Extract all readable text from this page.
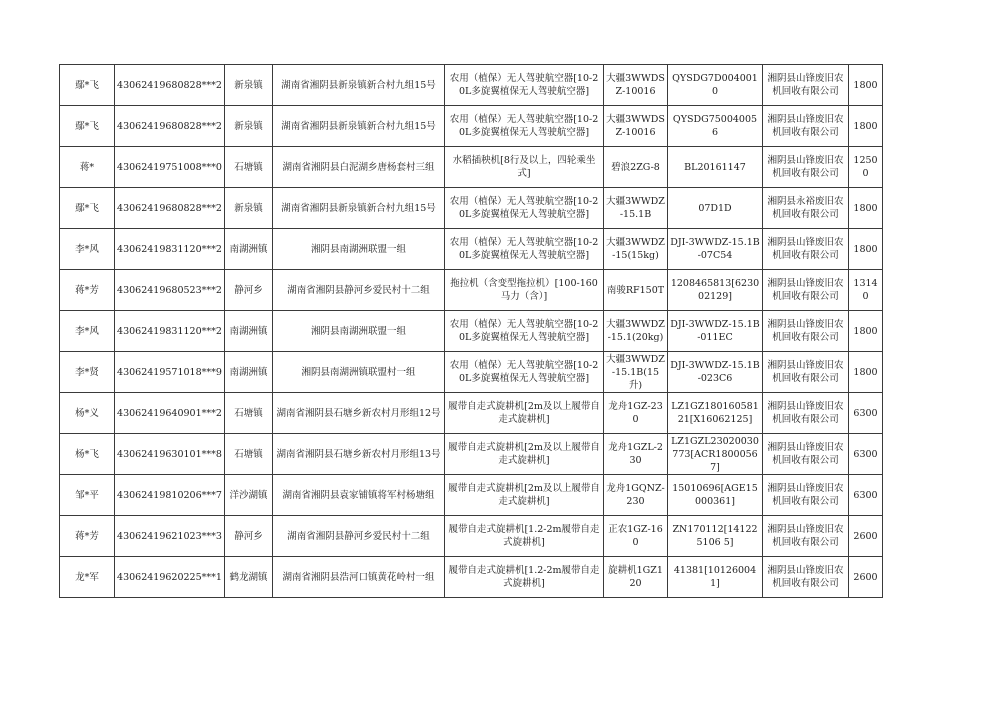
鄢*飞	43062419680828***2	新泉镇	湖南省湘阴县新泉镇新合村九组15号	农用（植保）无人驾驶航空器[10-20L多旋翼植保无人驾驶航空器]	大疆3WWDSZ-10016	QYSDG7D0040010	湘阴县山锋废旧农机回收有限公司	1800
鄢*飞	43062419680828***2	新泉镇	湖南省湘阴县新泉镇新合村九组15号	农用（植保）无人驾驶航空器[10-20L多旋翼植保无人驾驶航空器]	大疆3WWDSZ-10016	QYSDG750040056	湘阴县山锋废旧农机回收有限公司	1800
蒋*	43062419751008***0	石塘镇	湖南省湘阴县白泥湖乡唐杨套村三组	水稻插秧机[8行及以上，四轮乘坐式]	碧浪2ZG-8	BL20161147	湘阴县山锋废旧农机回收有限公司	12500
鄢*飞	43062419680828***2	新泉镇	湖南省湘阴县新泉镇新合村九组15号	农用（植保）无人驾驶航空器[10-20L多旋翼植保无人驾驶航空器]	大疆3WWDZ-15.1B	07D1D	湘阴县永裕废旧农机回收有限公司	1800
李*风	43062419831120***2	南湖洲镇	湘阴县南湖洲联盟一组	农用（植保）无人驾驶航空器[10-20L多旋翼植保无人驾驶航空器]	大疆3WWDZ-15(15kg)	DJI-3WWDZ-15.1B-07C54	湘阴县山锋废旧农机回收有限公司	1800
蒋*芳	43062419680523***2	静河乡	湖南省湘阴县静河乡爱民村十二组	拖拉机（含变型拖拉机）[100-160马力（含）]	南骏RF150T	1208465813[623002129]	湘阴县山锋废旧农机回收有限公司	13140
李*风	43062419831120***2	南湖洲镇	湘阴县南湖洲联盟一组	农用（植保）无人驾驶航空器[10-20L多旋翼植保无人驾驶航空器]	大疆3WWDZ-15.1(20kg)	DJI-3WWDZ-15.1B-011EC	湘阴县山锋废旧农机回收有限公司	1800
李*贤	43062419571018***9	南湖洲镇	湘阴县南湖洲镇联盟村一组	农用（植保）无人驾驶航空器[10-20L多旋翼植保无人驾驶航空器]	大疆3WWDZ-15.1B(15升)	DJI-3WWDZ-15.1B-023C6	湘阴县山锋废旧农机回收有限公司	1800
杨*义	43062419640901***2	石塘镇	湖南省湘阴县石塘乡新农村月形组12号	履带自走式旋耕机[2m及以上履带自走式旋耕机]	龙舟1GZ-230	LZ1GZ18016058121[X16062125]	湘阴县山锋废旧农机回收有限公司	6300
杨*飞	43062419630101***8	石塘镇	湖南省湘阴县石塘乡新农村月形组13号	履带自走式旋耕机[2m及以上履带自走式旋耕机]	龙舟1GZL-230	LZ1GZL23020030773[ACR18000567]	湘阴县山锋废旧农机回收有限公司	6300
邹*平	43062419810206***7	洋沙湖镇	湖南省湘阴县袁家铺镇将军村杨塘组	履带自走式旋耕机[2m及以上履带自走式旋耕机]	龙舟1GQNZ-230	15010696[AGE15000361]	湘阴县山锋废旧农机回收有限公司	6300
蒋*芳	43062419621023***3	静河乡	湖南省湘阴县静河乡爱民村十二组	履带自走式旋耕机[1.2-2m履带自走式旋耕机]	正农1GZ-160	ZN170112[141225106 5]	湘阴县山锋废旧农机回收有限公司	2600
龙*军	43062419620225***1	鹤龙湖镇	湖南省湘阴县浩河口镇黄花岭村一组	履带自走式旋耕机[1.2-2m履带自走式旋耕机]	旋耕机1GZ120	41381[101260041]	湘阴县山锋废旧农机回收有限公司	2600
